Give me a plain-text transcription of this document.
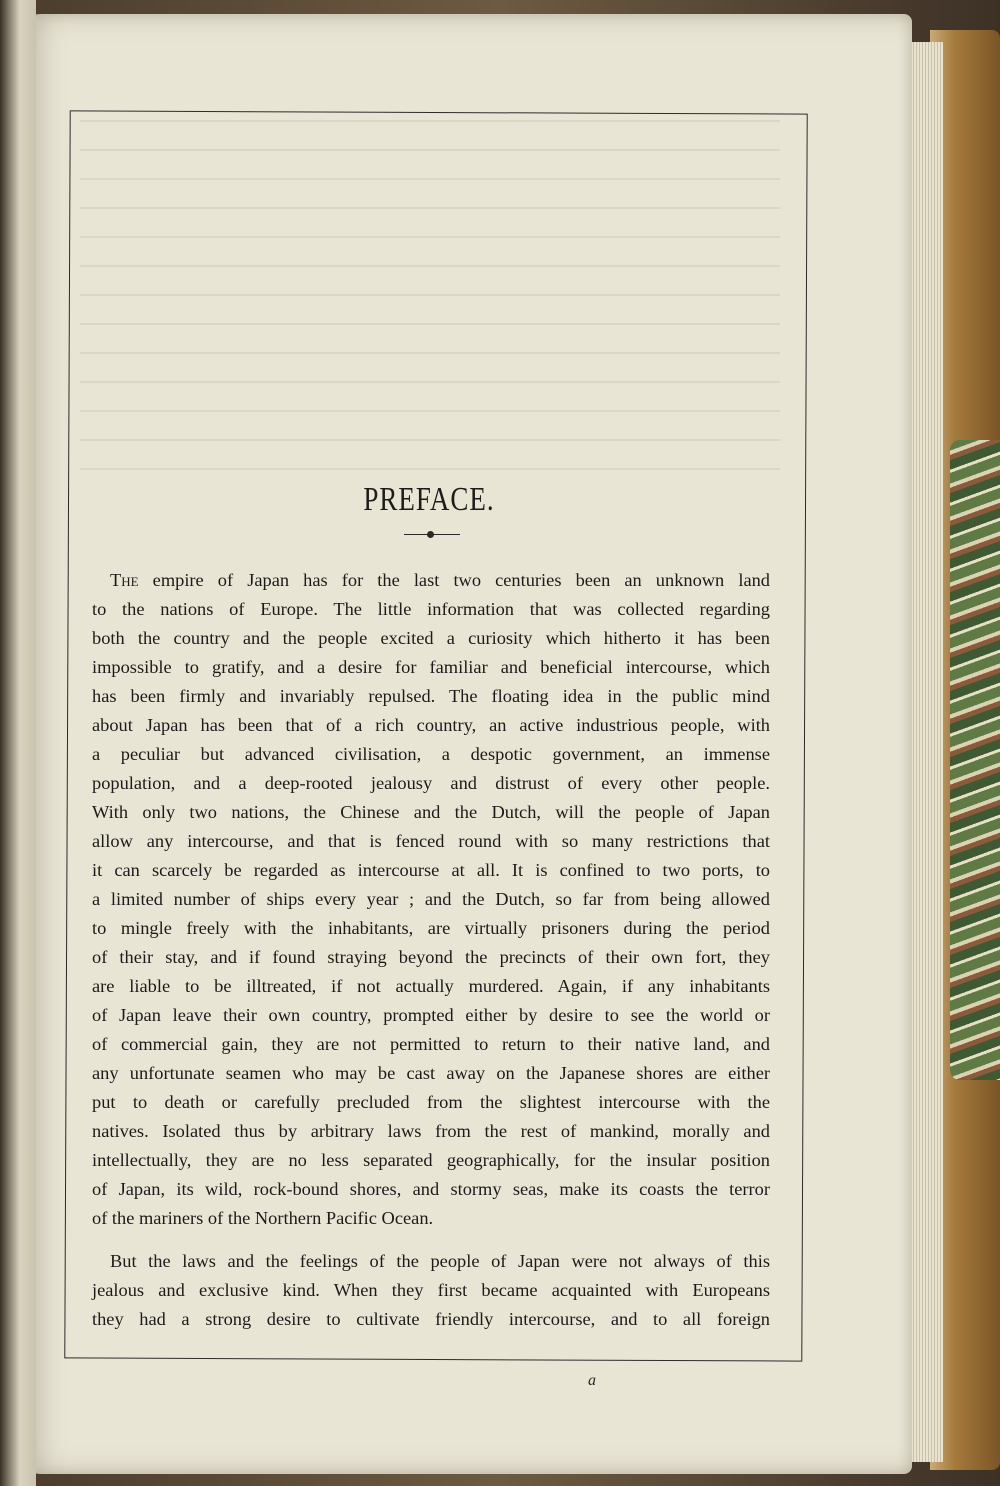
PREFACE.
The empire of Japan has for the last two centuries been an unknown land
to the nations of Europe. The little information that was collected regarding
both the country and the people excited a curiosity which hitherto it has been
impossible to gratify, and a desire for familiar and beneficial intercourse, which
has been firmly and invariably repulsed. The floating idea in the public mind
about Japan has been that of a rich country, an active industrious people, with
a peculiar but advanced civilisation, a despotic government, an immense
population, and a deep-rooted jealousy and distrust of every other people.
With only two nations, the Chinese and the Dutch, will the people of Japan
allow any intercourse, and that is fenced round with so many restrictions that
it can scarcely be regarded as intercourse at all. It is confined to two ports, to
a limited number of ships every year ; and the Dutch, so far from being allowed
to mingle freely with the inhabitants, are virtually prisoners during the period
of their stay, and if found straying beyond the precincts of their own fort, they
are liable to be illtreated, if not actually murdered. Again, if any inhabitants
of Japan leave their own country, prompted either by desire to see the world or
of commercial gain, they are not permitted to return to their native land, and
any unfortunate seamen who may be cast away on the Japanese shores are either
put to death or carefully precluded from the slightest intercourse with the
natives. Isolated thus by arbitrary laws from the rest of mankind, morally and
intellectually, they are no less separated geographically, for the insular position
of Japan, its wild, rock-bound shores, and stormy seas, make its coasts the terror
of the mariners of the Northern Pacific Ocean.
But the laws and the feelings of the people of Japan were not always of this
jealous and exclusive kind. When they first became acquainted with Europeans
they had a strong desire to cultivate friendly intercourse, and to all foreign
a
